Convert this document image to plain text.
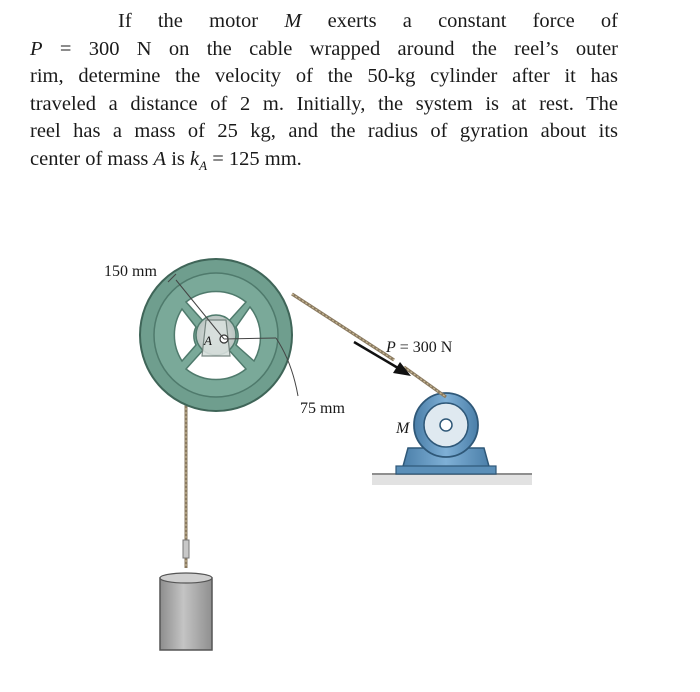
If the motor M exerts a constant force of
P = 300 N on the cable wrapped around the reel’s outer
rim, determine the velocity of the 50-kg cylinder after it has
traveled a distance of 2 m. Initially, the system is at rest. The
reel has a mass of 25 kg, and the radius of gyration about its
center of mass A is $k_A = 125$ mm.
150 mm
75 mm
A	P = 300 N
M
